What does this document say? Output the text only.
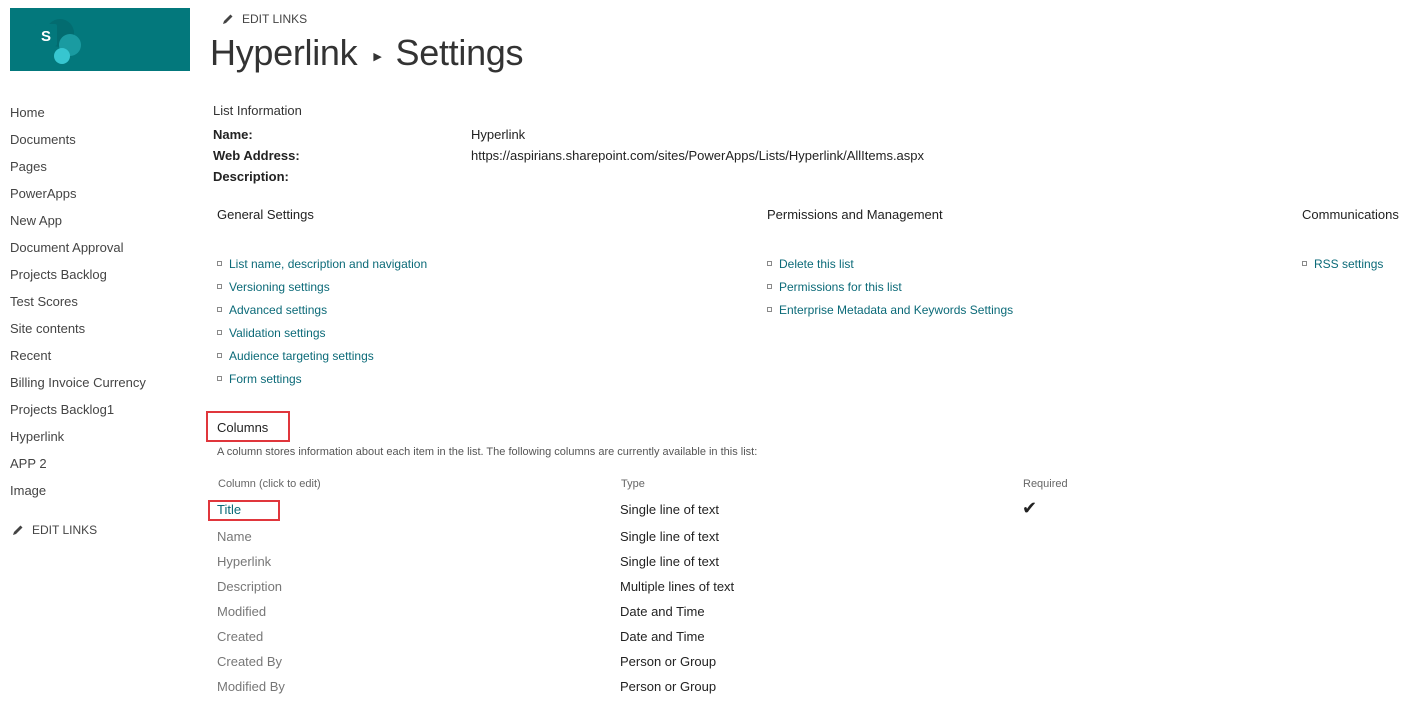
S
Home
Documents
Pages
PowerApps
New App
Document Approval
Projects Backlog
Test Scores
Site contents
Recent
Billing Invoice Currency
Projects Backlog1
Hyperlink
APP 2
Image
EDIT LINKS
EDIT LINKS
Hyperlink ▶ Settings
List Information
Name:	Hyperlink
Web Address:	https://aspirians.sharepoint.com/sites/PowerApps/Lists/Hyperlink/AllItems.aspx
Description:
General Settings	Permissions and Management	Communications
List name, description and navigation
Versioning settings
Advanced settings
Validation settings
Audience targeting settings
Form settings
Delete this list
Permissions for this list
Enterprise Metadata and Keywords Settings
RSS settings
Columns
A column stores information about each item in the list. The following columns are currently available in this list:
Column (click to edit)	Type	Required
Title	Single line of text	✔
Name	Single line of text
Hyperlink	Single line of text
Description	Multiple lines of text
Modified	Date and Time
Created	Date and Time
Created By	Person or Group
Modified By	Person or Group
